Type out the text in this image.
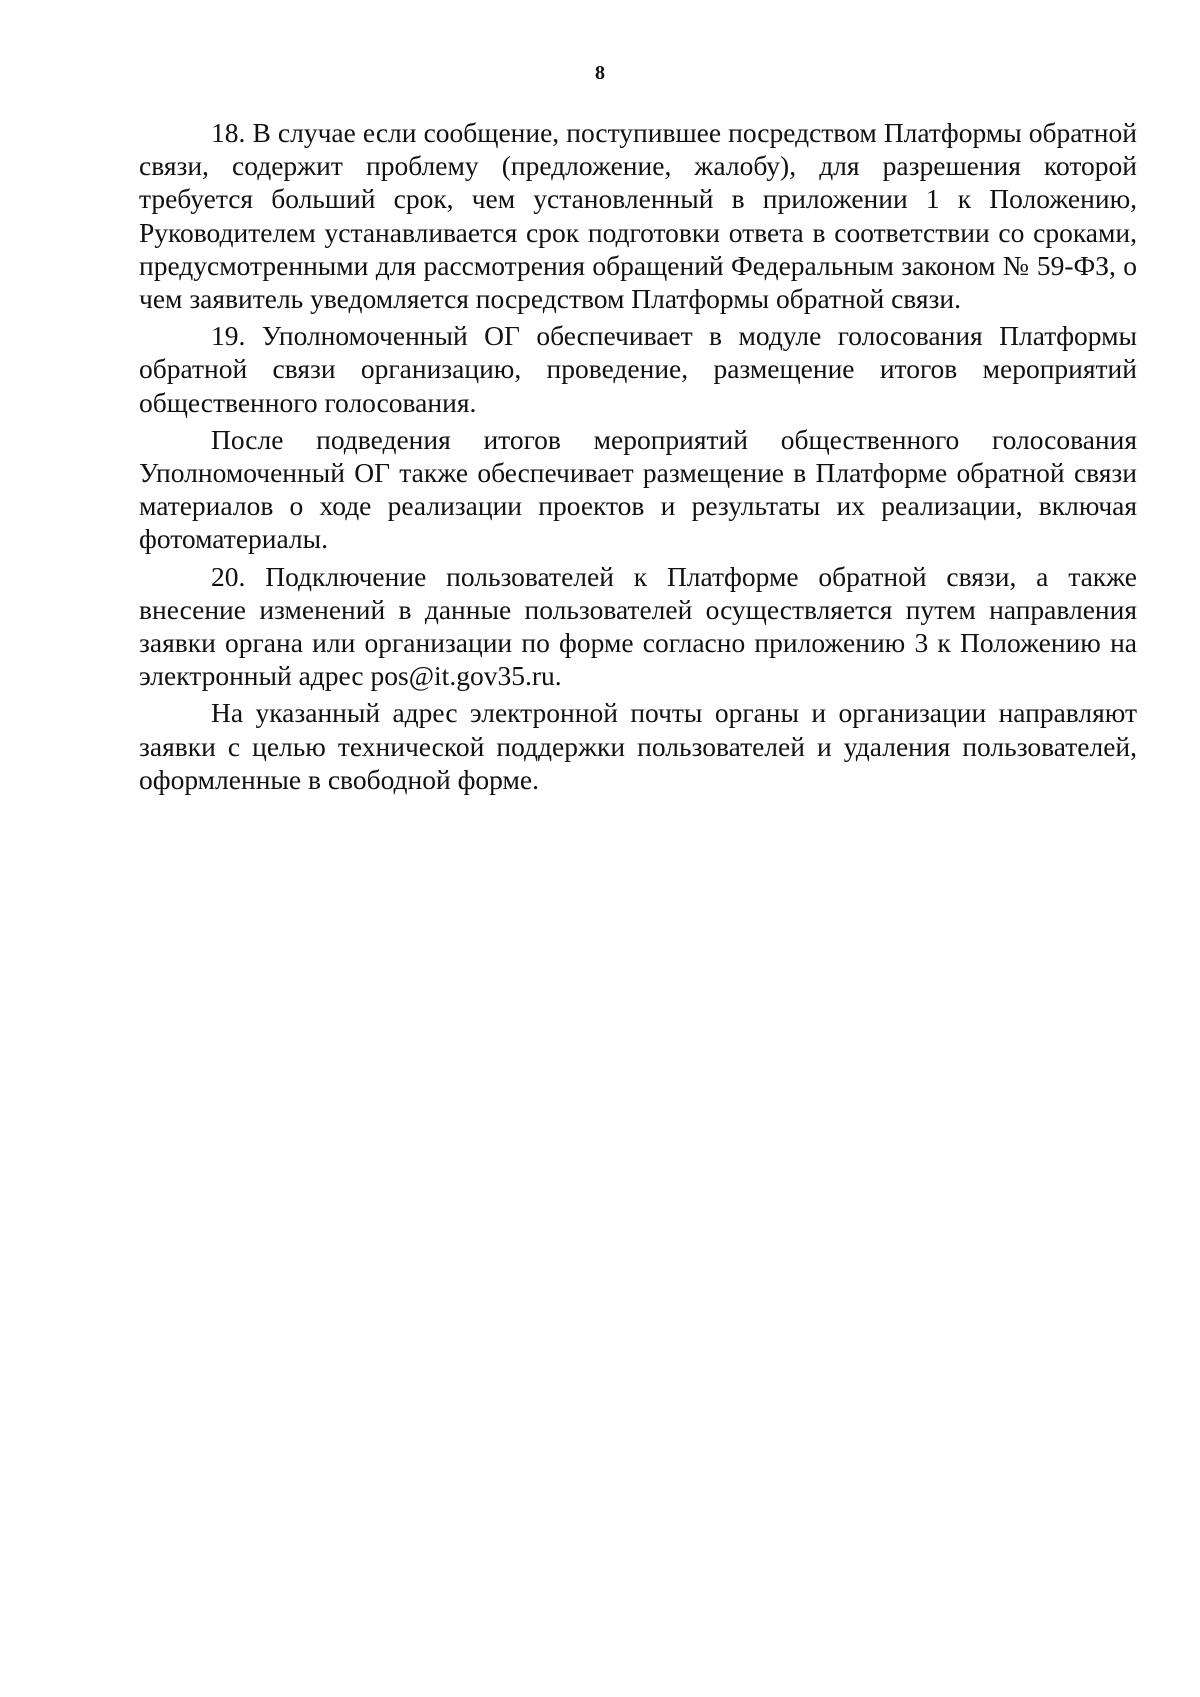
8

18. В случае если сообщение, поступившее посредством Платформы обратной связи, содержит проблему (предложение, жалобу), для разрешения которой требуется больший срок, чем установленный в приложении 1 к Положению, Руководителем устанавливается срок подготовки ответа в соответствии со сроками, предусмотренными для рассмотрения обращений Федеральным законом № 59-ФЗ, о чем заявитель уведомляется посредством Платформы обратной связи.

19. Уполномоченный ОГ обеспечивает в модуле голосования Платформы обратной связи организацию, проведение, размещение итогов мероприятий общественного голосования.

После подведения итогов мероприятий общественного голосования Уполномоченный ОГ также обеспечивает размещение в Платформе обратной связи материалов о ходе реализации проектов и результаты их реализации, включая фотоматериалы.

20. Подключение пользователей к Платформе обратной связи, а также внесение изменений в данные пользователей осуществляется путем направления заявки органа или организации по форме согласно приложению 3 к Положению на электронный адрес pos@it.gov35.ru.

На указанный адрес электронной почты органы и организации направляют заявки с целью технической поддержки пользователей и удаления пользователей, оформленные в свободной форме.
